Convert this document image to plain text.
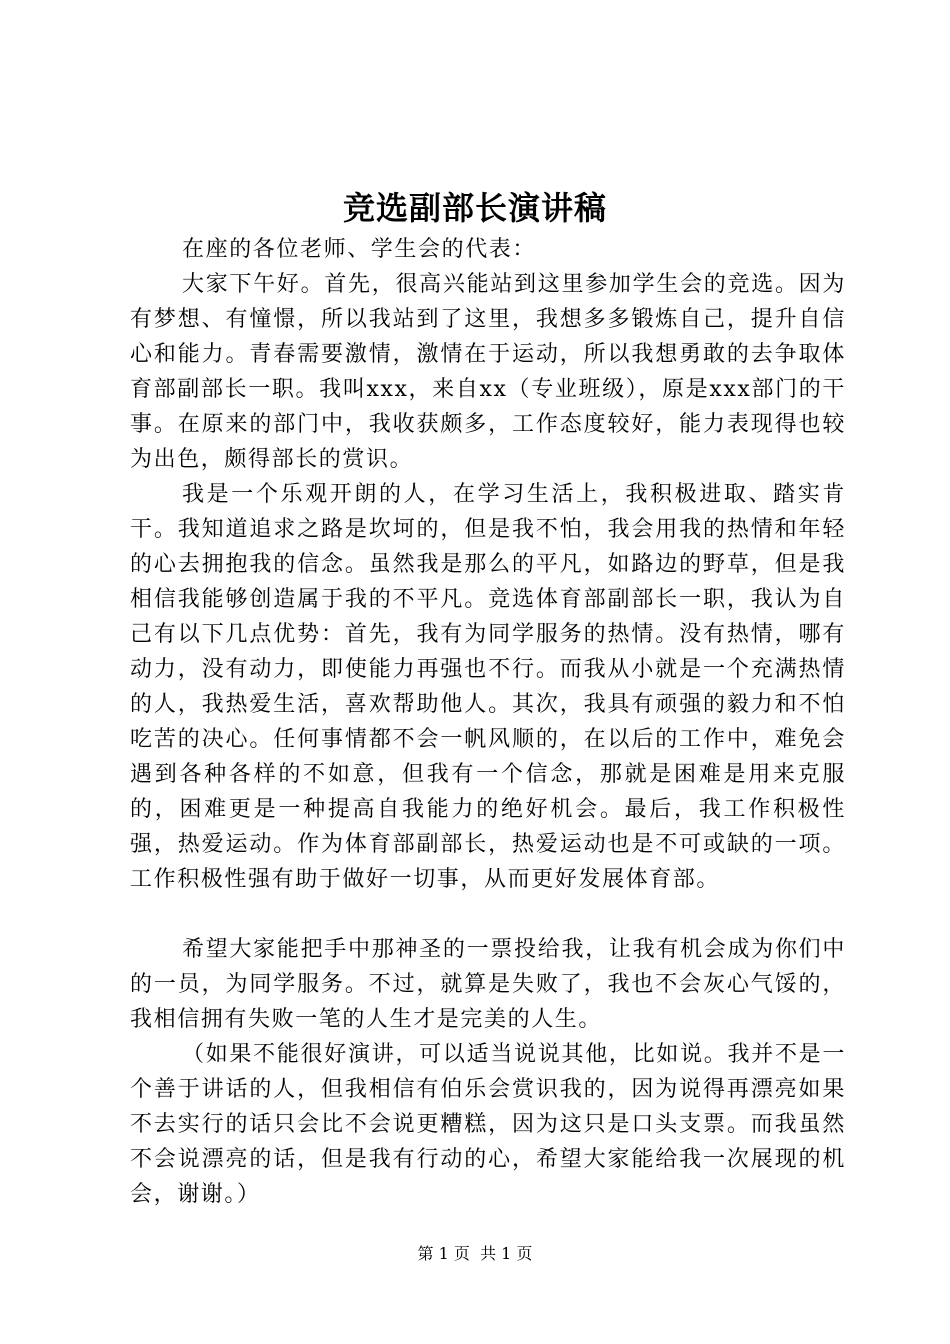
竞选副部长演讲稿

在座的各位老师、学生会的代表：

大家下午好。首先，很高兴能站到这里参加学生会的竞选。因为有梦想、有憧憬，所以我站到了这里，我想多多锻炼自己，提升自信心和能力。青春需要激情，激情在于运动，所以我想勇敢的去争取体育部副部长一职。我叫xxx，来自xx（专业班级），原是xxx部门的干事。在原来的部门中，我收获颇多，工作态度较好，能力表现得也较为出色，颇得部长的赏识。

我是一个乐观开朗的人，在学习生活上，我积极进取、踏实肯干。我知道追求之路是坎坷的，但是我不怕，我会用我的热情和年轻的心去拥抱我的信念。虽然我是那么的平凡，如路边的野草，但是我相信我能够创造属于我的不平凡。竞选体育部副部长一职，我认为自己有以下几点优势：首先，我有为同学服务的热情。没有热情，哪有动力，没有动力，即使能力再强也不行。而我从小就是一个充满热情的人，我热爱生活，喜欢帮助他人。其次，我具有顽强的毅力和不怕吃苦的决心。任何事情都不会一帆风顺的，在以后的工作中，难免会遇到各种各样的不如意，但我有一个信念，那就是困难是用来克服的，困难更是一种提高自我能力的绝好机会。最后，我工作积极性强，热爱运动。作为体育部副部长，热爱运动也是不可或缺的一项。工作积极性强有助于做好一切事，从而更好发展体育部。

希望大家能把手中那神圣的一票投给我，让我有机会成为你们中的一员，为同学服务。不过，就算是失败了，我也不会灰心气馁的，我相信拥有失败一笔的人生才是完美的人生。

（如果不能很好演讲，可以适当说说其他，比如说。我并不是一个善于讲话的人，但我相信有伯乐会赏识我的，因为说得再漂亮如果不去实行的话只会比不会说更糟糕，因为这只是口头支票。而我虽然不会说漂亮的话，但是我有行动的心，希望大家能给我一次展现的机会，谢谢。）

第 1 页  共 1 页
